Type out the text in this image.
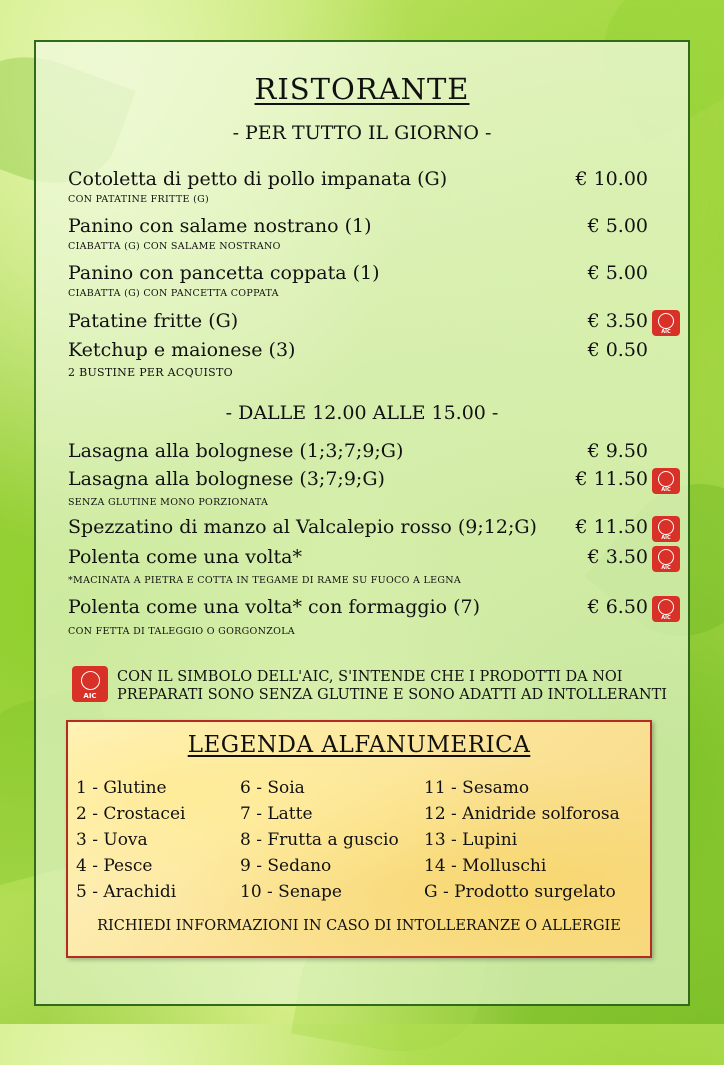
RISTORANTE
- PER TUTTO IL GIORNO -
Cotoletta di petto di pollo impanata (G)	€ 10.00
CON PATATINE FRITTE (G)
Panino con salame nostrano (1)	€ 5.00
CIABATTA (G) CON SALAME NOSTRANO
Panino con pancetta coppata (1)	€ 5.00
CIABATTA (G) CON PANCETTA COPPATA
Patatine fritte (G)	€ 3.50
AIC
Ketchup e maionese (3)	€ 0.50
2 BUSTINE PER ACQUISTO
- DALLE 12.00 ALLE 15.00 -
Lasagna alla bolognese (1;3;7;9;G)	€ 9.50
Lasagna alla bolognese (3;7;9;G)	€ 11.50
AIC
SENZA GLUTINE MONO PORZIONATA
Spezzatino di manzo al Valcalepio rosso (9;12;G) € 11.50
AIC
Polenta come una volta*	€ 3.50
AIC
*MACINATA A PIETRA E COTTA IN TEGAME DI RAME SU FUOCO A LEGNA
Polenta come una volta* con formaggio (7)	€ 6.50
AIC
CON FETTA DI TALEGGIO O GORGONZOLA
AIC
CON IL SIMBOLO DELL'AIC, S'INTENDE CHE I PRODOTTI DA NOI
PREPARATI SONO SENZA GLUTINE E SONO ADATTI AD INTOLLERANTI
LEGENDA ALFANUMERICA
1 - Glutine
2 - Crostacei
3 - Uova
4 - Pesce
5 - Arachidi
6 - Soia
7 - Latte
8 - Frutta a guscio
9 - Sedano
10 - Senape
11 - Sesamo
12 - Anidride solforosa
13 - Lupini
14 - Molluschi
G - Prodotto surgelato
RICHIEDI INFORMAZIONI IN CASO DI INTOLLERANZE O ALLERGIE
